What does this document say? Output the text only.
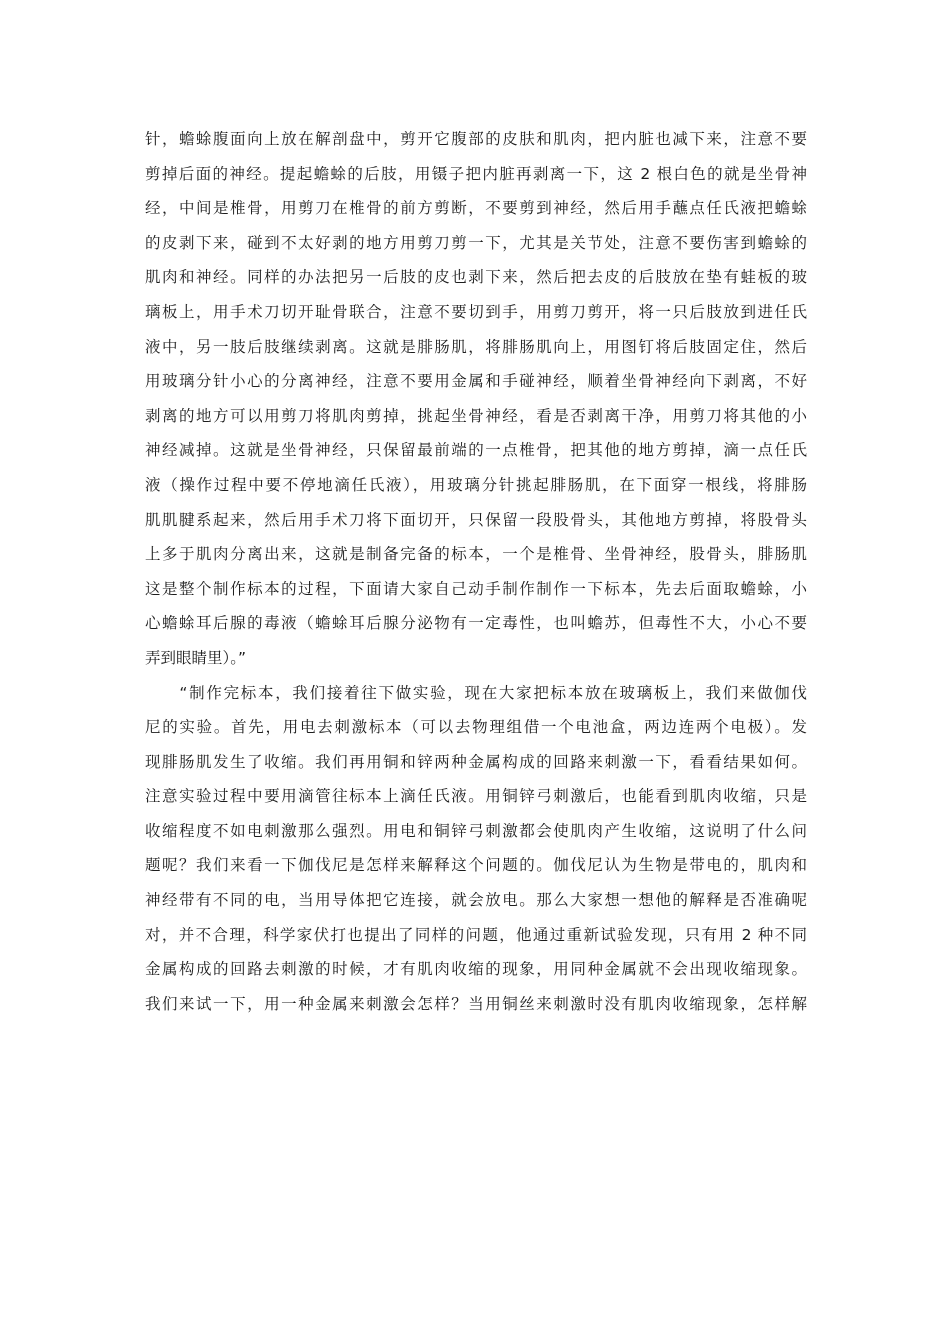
针，蟾蜍腹面向上放在解剖盘中，剪开它腹部的皮肤和肌肉，把内脏也减下来，注意不要
剪掉后面的神经。提起蟾蜍的后肢，用镊子把内脏再剥离一下，这 2 根白色的就是坐骨神
经，中间是椎骨，用剪刀在椎骨的前方剪断，不要剪到神经，然后用手蘸点任氏液把蟾蜍
的皮剥下来，碰到不太好剥的地方用剪刀剪一下，尤其是关节处，注意不要伤害到蟾蜍的
肌肉和神经。同样的办法把另一后肢的皮也剥下来，然后把去皮的后肢放在垫有蛙板的玻
璃板上，用手术刀切开耻骨联合，注意不要切到手，用剪刀剪开，将一只后肢放到进任氏
液中，另一肢后肢继续剥离。这就是腓肠肌，将腓肠肌向上，用图钉将后肢固定住，然后
用玻璃分针小心的分离神经，注意不要用金属和手碰神经，顺着坐骨神经向下剥离，不好
剥离的地方可以用剪刀将肌肉剪掉，挑起坐骨神经，看是否剥离干净，用剪刀将其他的小
神经减掉。这就是坐骨神经，只保留最前端的一点椎骨，把其他的地方剪掉，滴一点任氏
液（操作过程中要不停地滴任氏液），用玻璃分针挑起腓肠肌，在下面穿一根线，将腓肠
肌肌腱系起来，然后用手术刀将下面切开，只保留一段股骨头，其他地方剪掉，将股骨头
上多于肌肉分离出来，这就是制备完备的标本，一个是椎骨、坐骨神经，股骨头，腓肠肌
这是整个制作标本的过程，下面请大家自己动手制作制作一下标本，先去后面取蟾蜍，小
心蟾蜍耳后腺的毒液（蟾蜍耳后腺分泌物有一定毒性，也叫蟾苏，但毒性不大，小心不要
弄到眼睛里）。”
　　“制作完标本，我们接着往下做实验，现在大家把标本放在玻璃板上，我们来做伽伐
尼的实验。首先，用电去刺激标本（可以去物理组借一个电池盒，两边连两个电极）。发
现腓肠肌发生了收缩。我们再用铜和锌两种金属构成的回路来刺激一下，看看结果如何。
注意实验过程中要用滴管往标本上滴任氏液。用铜锌弓刺激后，也能看到肌肉收缩，只是
收缩程度不如电刺激那么强烈。用电和铜锌弓刺激都会使肌肉产生收缩，这说明了什么问
题呢？我们来看一下伽伐尼是怎样来解释这个问题的。伽伐尼认为生物是带电的，肌肉和
神经带有不同的电，当用导体把它连接，就会放电。那么大家想一想他的解释是否准确呢
对，并不合理，科学家伏打也提出了同样的问题，他通过重新试验发现，只有用 2 种不同
金属构成的回路去刺激的时候，才有肌肉收缩的现象，用同种金属就不会出现收缩现象。
我们来试一下，用一种金属来刺激会怎样？当用铜丝来刺激时没有肌肉收缩现象，怎样解
